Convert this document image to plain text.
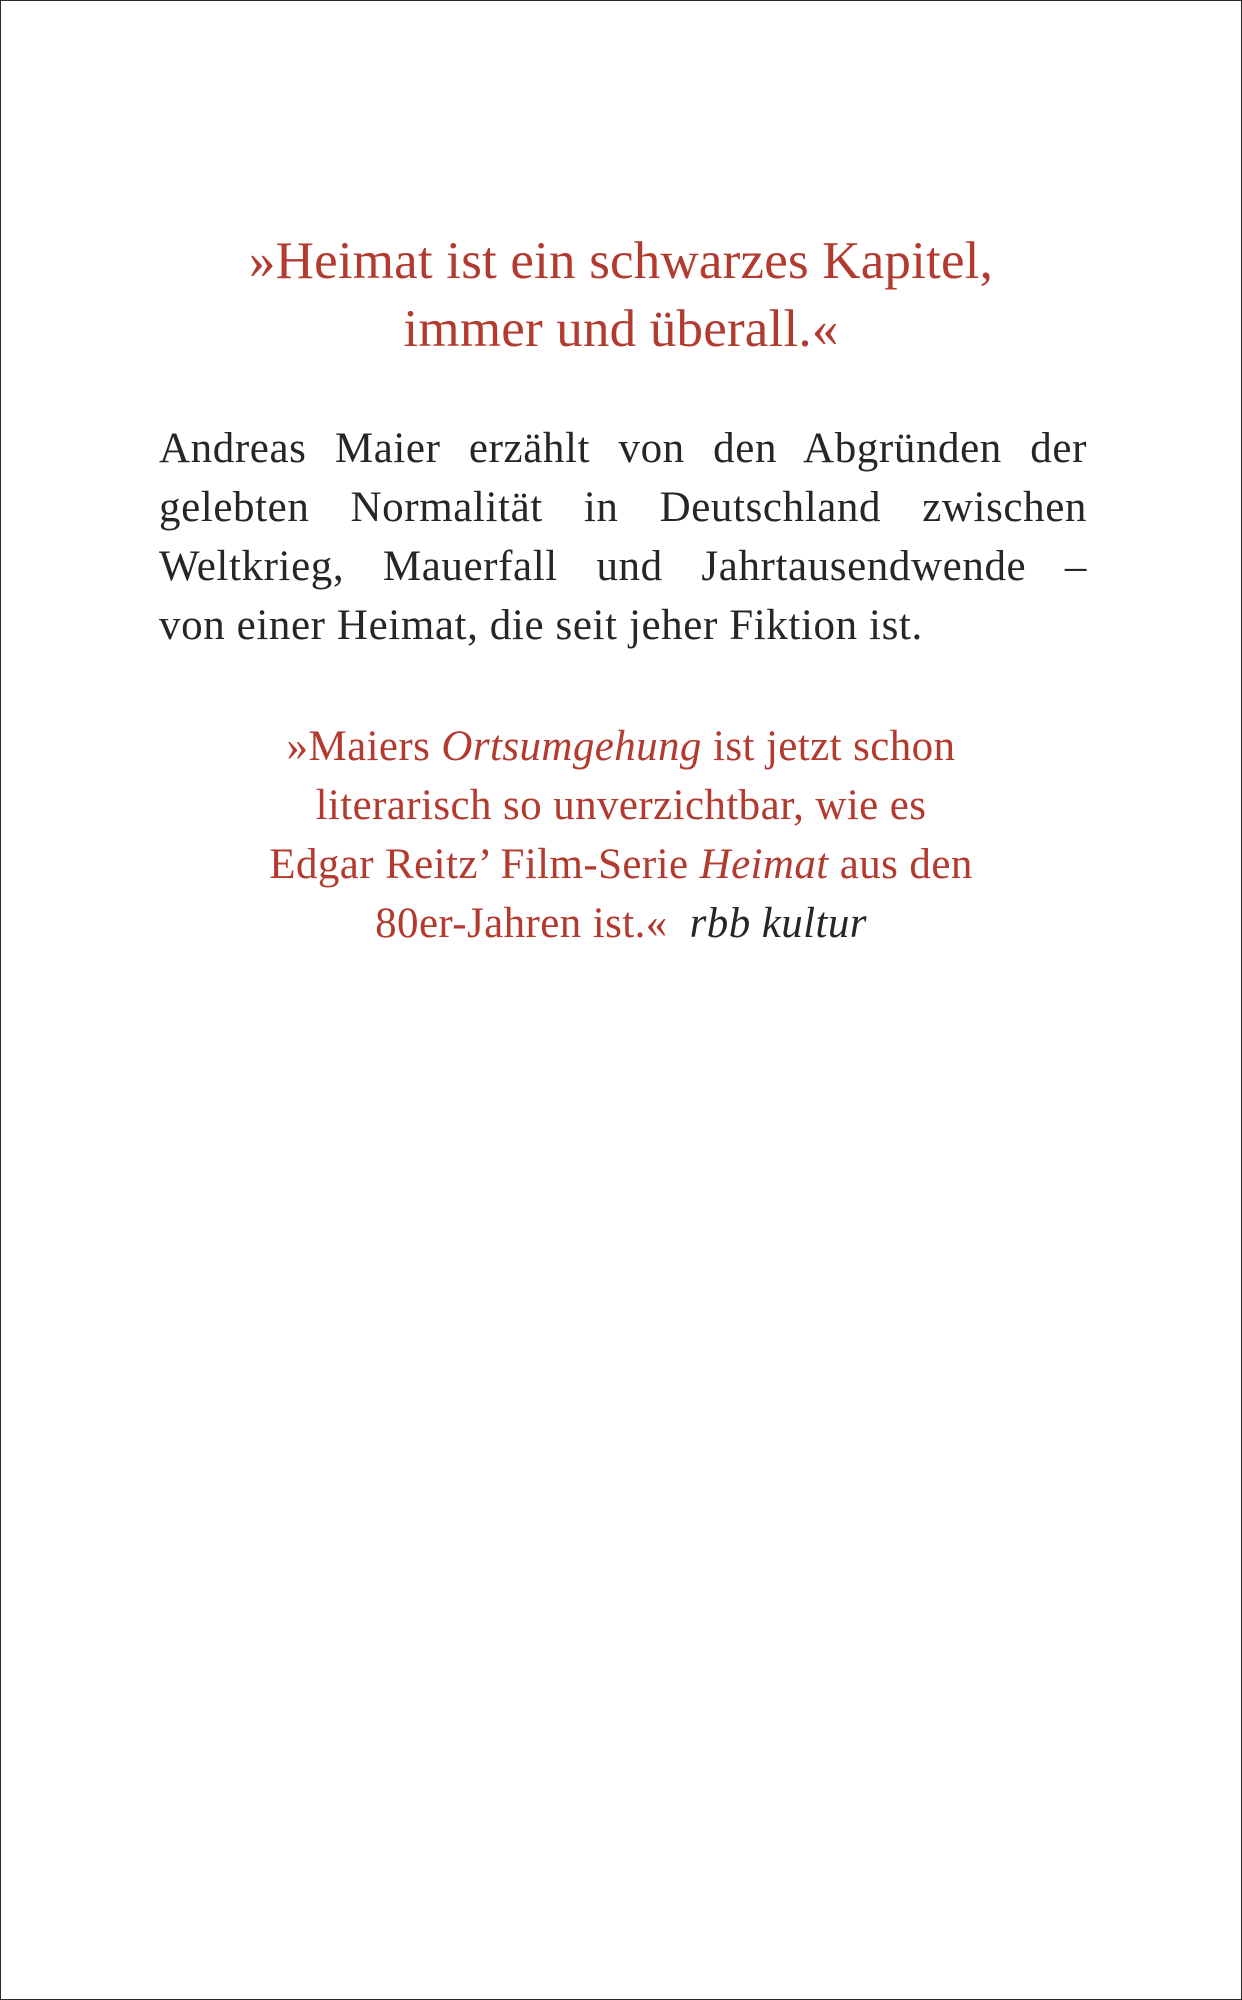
»Heimat ist ein schwarzes Kapitel,
immer und überall.«
Andreas Maier erzählt von den Abgründen der
gelebten Normalität in Deutschland zwischen
Weltkrieg, Mauerfall und Jahrtausendwende –
von einer Heimat, die seit jeher Fiktion ist.
»Maiers Ortsumgehung ist jetzt schon
literarisch so unverzichtbar, wie es
Edgar Reitz’ Film-Serie Heimat aus den
80er-Jahren ist.« rbb kultur
